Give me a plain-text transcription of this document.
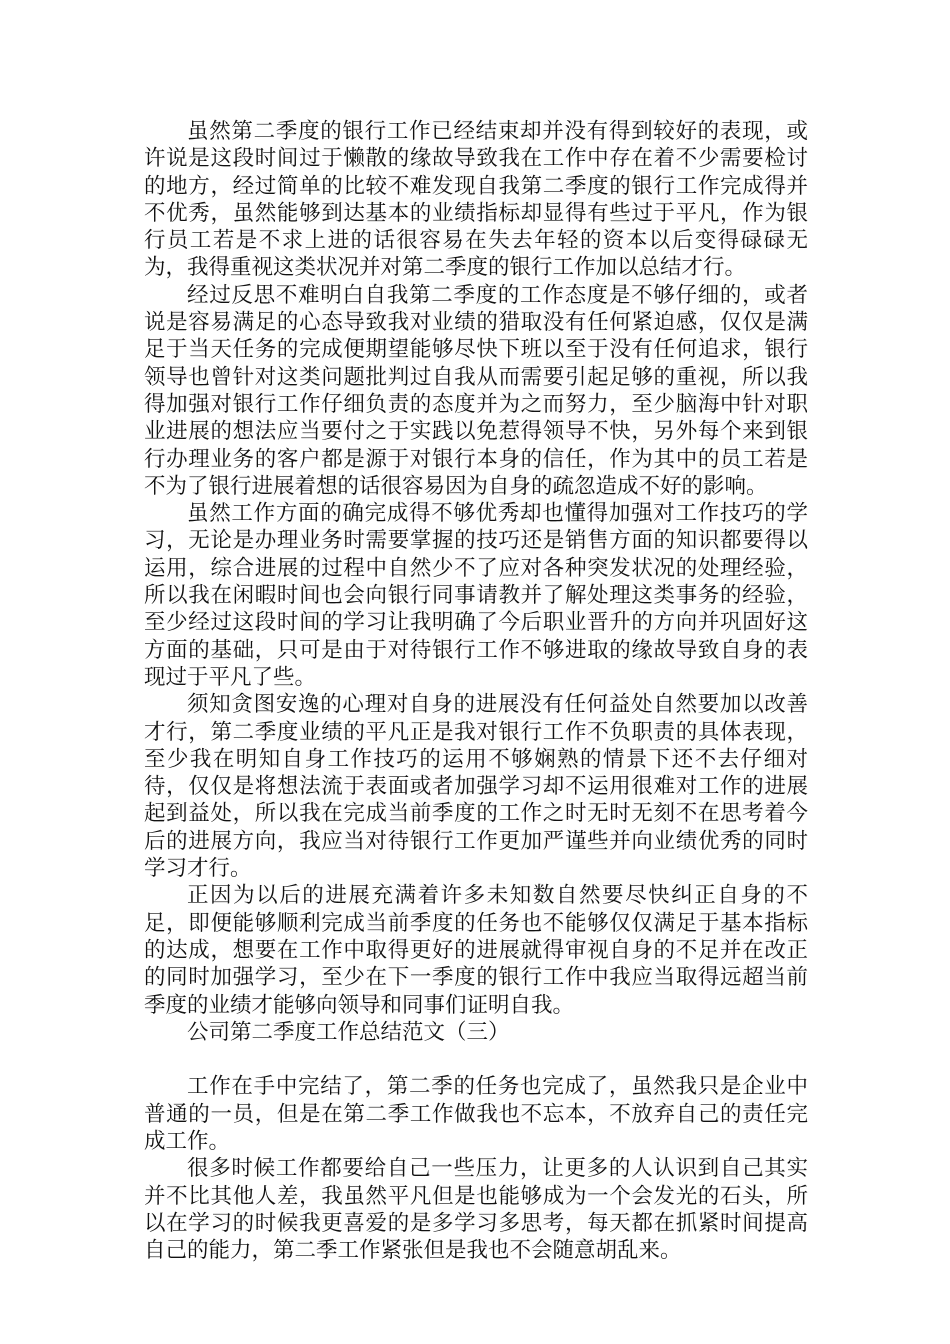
虽然第二季度的银行工作已经结束却并没有得到较好的表现，或许说是这段时间过于懒散的缘故导致我在工作中存在着不少需要检讨的地方，经过简单的比较不难发现自我第二季度的银行工作完成得并不优秀，虽然能够到达基本的业绩指标却显得有些过于平凡，作为银行员工若是不求上进的话很容易在失去年轻的资本以后变得碌碌无为，我得重视这类状况并对第二季度的银行工作加以总结才行。

经过反思不难明白自我第二季度的工作态度是不够仔细的，或者说是容易满足的心态导致我对业绩的猎取没有任何紧迫感，仅仅是满足于当天任务的完成便期望能够尽快下班以至于没有任何追求，银行领导也曾针对这类问题批判过自我从而需要引起足够的重视，所以我得加强对银行工作仔细负责的态度并为之而努力，至少脑海中针对职业进展的想法应当要付之于实践以免惹得领导不快，另外每个来到银行办理业务的客户都是源于对银行本身的信任，作为其中的员工若是不为了银行进展着想的话很容易因为自身的疏忽造成不好的影响。

虽然工作方面的确完成得不够优秀却也懂得加强对工作技巧的学习，无论是办理业务时需要掌握的技巧还是销售方面的知识都要得以运用，综合进展的过程中自然少不了应对各种突发状况的处理经验，所以我在闲暇时间也会向银行同事请教并了解处理这类事务的经验，至少经过这段时间的学习让我明确了今后职业晋升的方向并巩固好这方面的基础，只可是由于对待银行工作不够进取的缘故导致自身的表现过于平凡了些。

须知贪图安逸的心理对自身的进展没有任何益处自然要加以改善才行，第二季度业绩的平凡正是我对银行工作不负职责的具体表现，至少我在明知自身工作技巧的运用不够娴熟的情景下还不去仔细对待，仅仅是将想法流于表面或者加强学习却不运用很难对工作的进展起到益处，所以我在完成当前季度的工作之时无时无刻不在思考着今后的进展方向，我应当对待银行工作更加严谨些并向业绩优秀的同时学习才行。

正因为以后的进展充满着许多未知数自然要尽快纠正自身的不足，即便能够顺利完成当前季度的任务也不能够仅仅满足于基本指标的达成，想要在工作中取得更好的进展就得审视自身的不足并在改正的同时加强学习，至少在下一季度的银行工作中我应当取得远超当前季度的业绩才能够向领导和同事们证明自我。

公司第二季度工作总结范文（三）

工作在手中完结了，第二季的任务也完成了，虽然我只是企业中普通的一员，但是在第二季工作做我也不忘本，不放弃自己的责任完成工作。

很多时候工作都要给自己一些压力，让更多的人认识到自己其实并不比其他人差，我虽然平凡但是也能够成为一个会发光的石头，所以在学习的时候我更喜爱的是多学习多思考，每天都在抓紧时间提高自己的能力，第二季工作紧张但是我也不会随意胡乱来。
